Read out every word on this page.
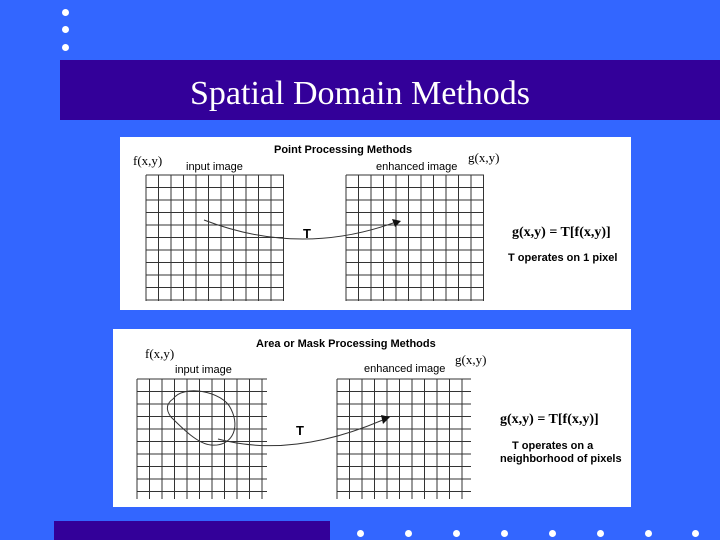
Spatial Domain Methods
Point Processing Methods
input image	enhanced image
T	g(x,y) = T[f(x,y)]
T operates on 1 pixel
Area or Mask Processing Methods
input image	enhanced image
T
g(x,y) = T[f(x,y)]
T operates on a
neighborhood of pixels
f(x,y)	g(x,y)
f(x,y)	g(x,y)
